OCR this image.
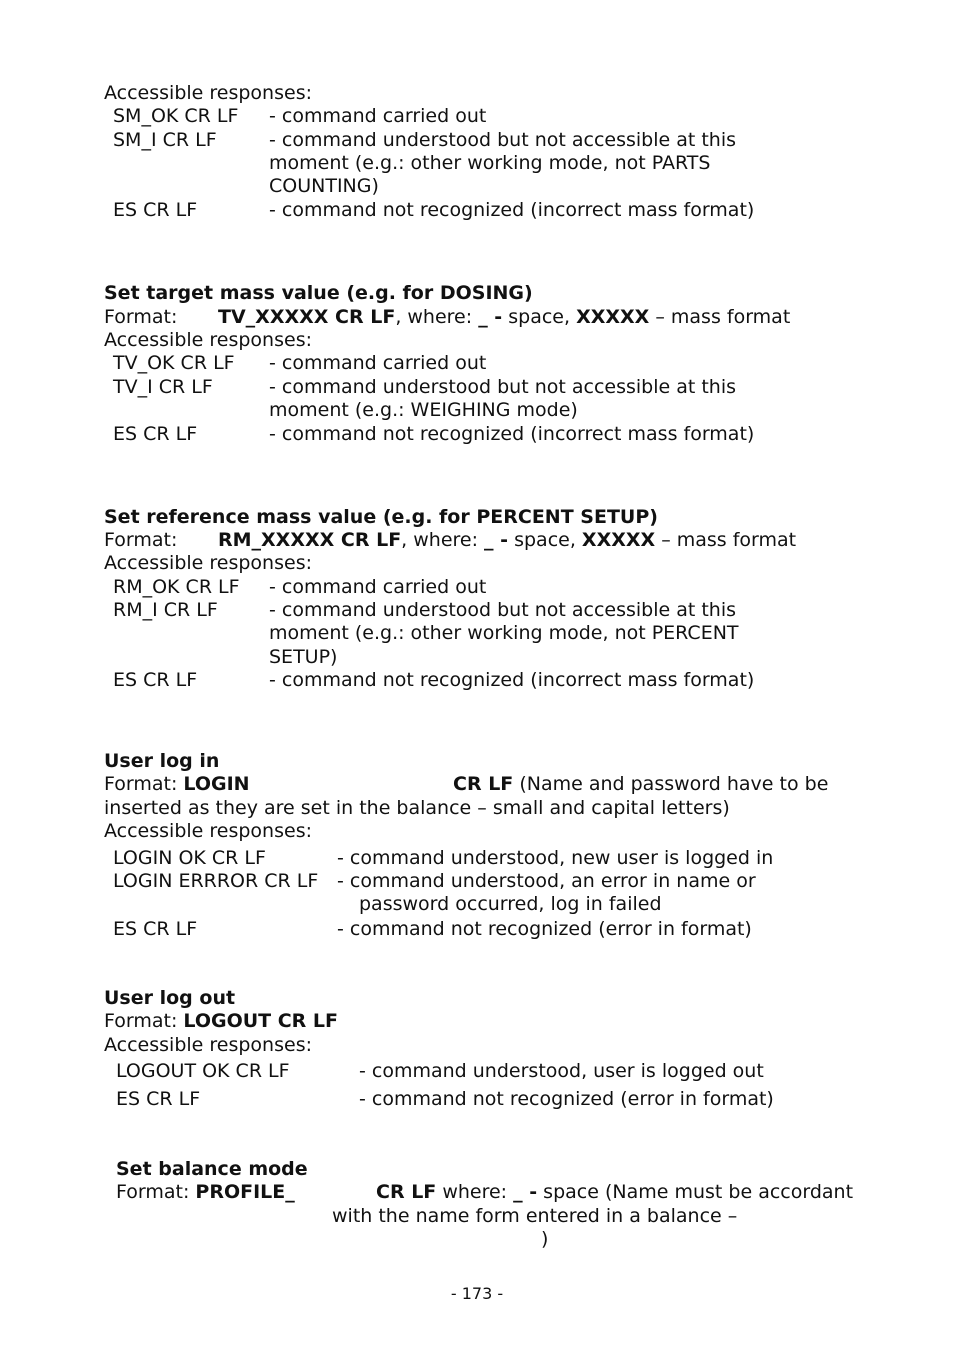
Accessible responses:
SM_OK CR LF - command carried out
SM_I CR LF	- command understood but not accessible at this
moment (e.g.: other working mode, not PARTS
COUNTING)
ES CR LF	- command not recognized (incorrect mass format)
Set target mass value (e.g. for DOSING)
Format: TV_XXXXX CR LF, where: _ - space, XXXXX – mass format
Accessible responses:
TV_OK CR LF - command carried out
TV_I CR LF	- command understood but not accessible at this
moment (e.g.: WEIGHING mode)
ES CR LF	- command not recognized (incorrect mass format)
Set reference mass value (e.g. for PERCENT SETUP)
Format: RM_XXXXX CR LF, where: _ - space, XXXXX – mass format
Accessible responses:
RM_OK CR LF - command carried out
RM_I CR LF	- command understood but not accessible at this
moment (e.g.: other working mode, not PERCENT
SETUP)
ES CR LF	- command not recognized (incorrect mass format)
User log in
Format: LOGIN	CR LF (Name and password have to be
inserted as they are set in the balance – small and capital letters)
Accessible responses:
LOGIN OK CR LF	- command understood, new user is logged in
LOGIN ERRROR CR LF - command understood, an error in name or
password occurred, log in failed
ES CR LF	- command not recognized (error in format)
User log out
Format: LOGOUT CR LF
Accessible responses:
LOGOUT OK CR LF	- command understood, user is logged out
ES CR LF	- command not recognized (error in format)
Set balance mode
Format: PROFILE_	CR LF where: _ - space (Name must be accordant
with the name form entered in a balance –
)
- 173 -
